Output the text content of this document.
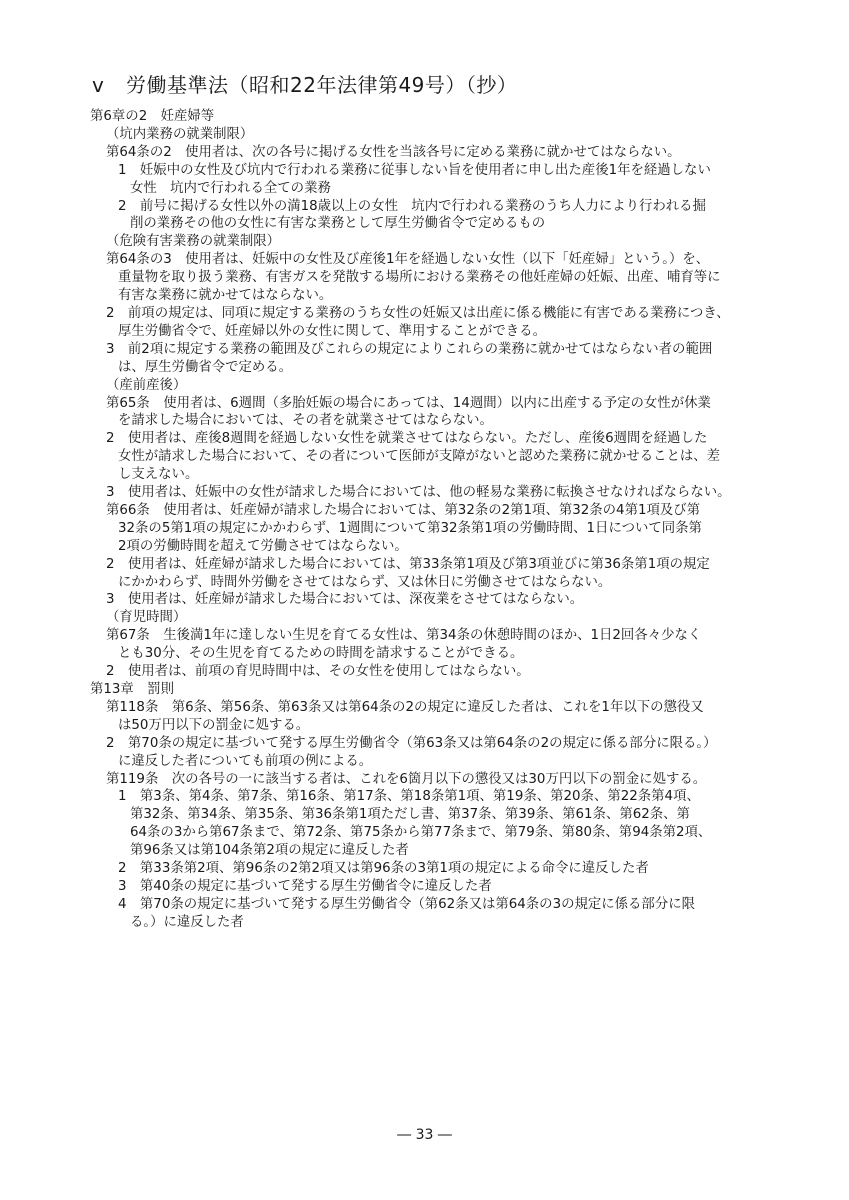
v 労働基準法（昭和22年法律第49号）（抄）
第6章の2　妊産婦等
（坑内業務の就業制限）
第64条の2　使用者は、次の各号に掲げる女性を当該各号に定める業務に就かせてはならない。
1　妊娠中の女性及び坑内で行われる業務に従事しない旨を使用者に申し出た産後1年を経過しない
女性　坑内で行われる全ての業務
2　前号に掲げる女性以外の満18歳以上の女性　坑内で行われる業務のうち人力により行われる掘
削の業務その他の女性に有害な業務として厚生労働省令で定めるもの
（危険有害業務の就業制限）
第64条の3　使用者は、妊娠中の女性及び産後1年を経過しない女性（以下「妊産婦」という。）を、
重量物を取り扱う業務、有害ガスを発散する場所における業務その他妊産婦の妊娠、出産、哺育等に
有害な業務に就かせてはならない。
2　前項の規定は、同項に規定する業務のうち女性の妊娠又は出産に係る機能に有害である業務につき、
厚生労働省令で、妊産婦以外の女性に関して、準用することができる。
3　前2項に規定する業務の範囲及びこれらの規定によりこれらの業務に就かせてはならない者の範囲
は、厚生労働省令で定める。
（産前産後）
第65条　使用者は、6週間（多胎妊娠の場合にあっては、14週間）以内に出産する予定の女性が休業
を請求した場合においては、その者を就業させてはならない。
2　使用者は、産後8週間を経過しない女性を就業させてはならない。ただし、産後6週間を経過した
女性が請求した場合において、その者について医師が支障がないと認めた業務に就かせることは、差
し支えない。
3　使用者は、妊娠中の女性が請求した場合においては、他の軽易な業務に転換させなければならない。
第66条　使用者は、妊産婦が請求した場合においては、第32条の2第1項、第32条の4第1項及び第
32条の5第1項の規定にかかわらず、1週間について第32条第1項の労働時間、1日について同条第
2項の労働時間を超えて労働させてはならない。
2　使用者は、妊産婦が請求した場合においては、第33条第1項及び第3項並びに第36条第1項の規定
にかかわらず、時間外労働をさせてはならず、又は休日に労働させてはならない。
3　使用者は、妊産婦が請求した場合においては、深夜業をさせてはならない。
（育児時間）
第67条　生後満1年に達しない生児を育てる女性は、第34条の休憩時間のほか、1日2回各々少なく
とも30分、その生児を育てるための時間を請求することができる。
2　使用者は、前項の育児時間中は、その女性を使用してはならない。
第13章　罰則
第118条　第6条、第56条、第63条又は第64条の2の規定に違反した者は、これを1年以下の懲役又
は50万円以下の罰金に処する。
2　第70条の規定に基づいて発する厚生労働省令（第63条又は第64条の2の規定に係る部分に限る。）
に違反した者についても前項の例による。
第119条　次の各号の一に該当する者は、これを6箇月以下の懲役又は30万円以下の罰金に処する。
1　第3条、第4条、第7条、第16条、第17条、第18条第1項、第19条、第20条、第22条第4項、
第32条、第34条、第35条、第36条第1項ただし書、第37条、第39条、第61条、第62条、第
64条の3から第67条まで、第72条、第75条から第77条まで、第79条、第80条、第94条第2項、
第96条又は第104条第2項の規定に違反した者
2　第33条第2項、第96条の2第2項又は第96条の3第1項の規定による命令に違反した者
3　第40条の規定に基づいて発する厚生労働省令に違反した者
4　第70条の規定に基づいて発する厚生労働省令（第62条又は第64条の3の規定に係る部分に限
る。）に違反した者
― 33 ―
